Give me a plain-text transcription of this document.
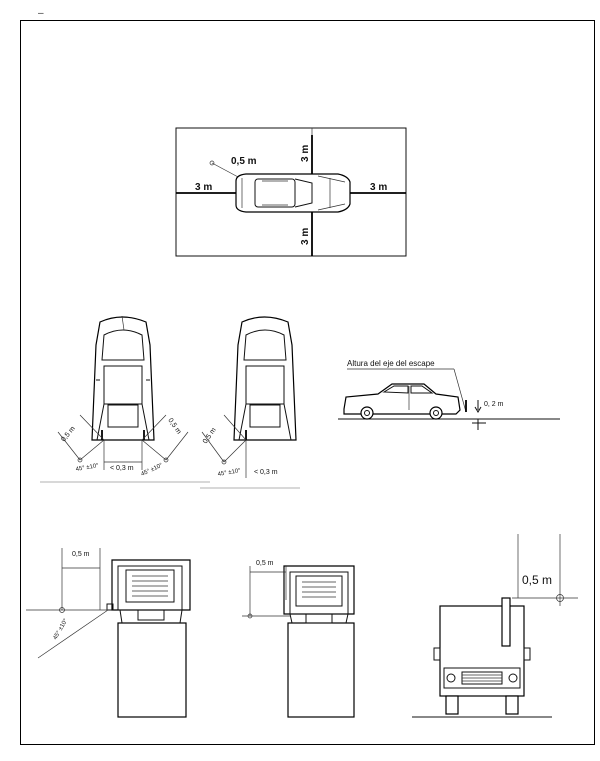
–
0,5 m
3 m	3 m
3 m
3 m
0,5 m	0,5 m
< 0,3 m
45° ±10°	45° ±10°
0,5 m
45° ±10° < 0,3 m
Altura del eje del escape
0, 2 m
0,5 m
45° ±10°
0,5 m
0,5 m
